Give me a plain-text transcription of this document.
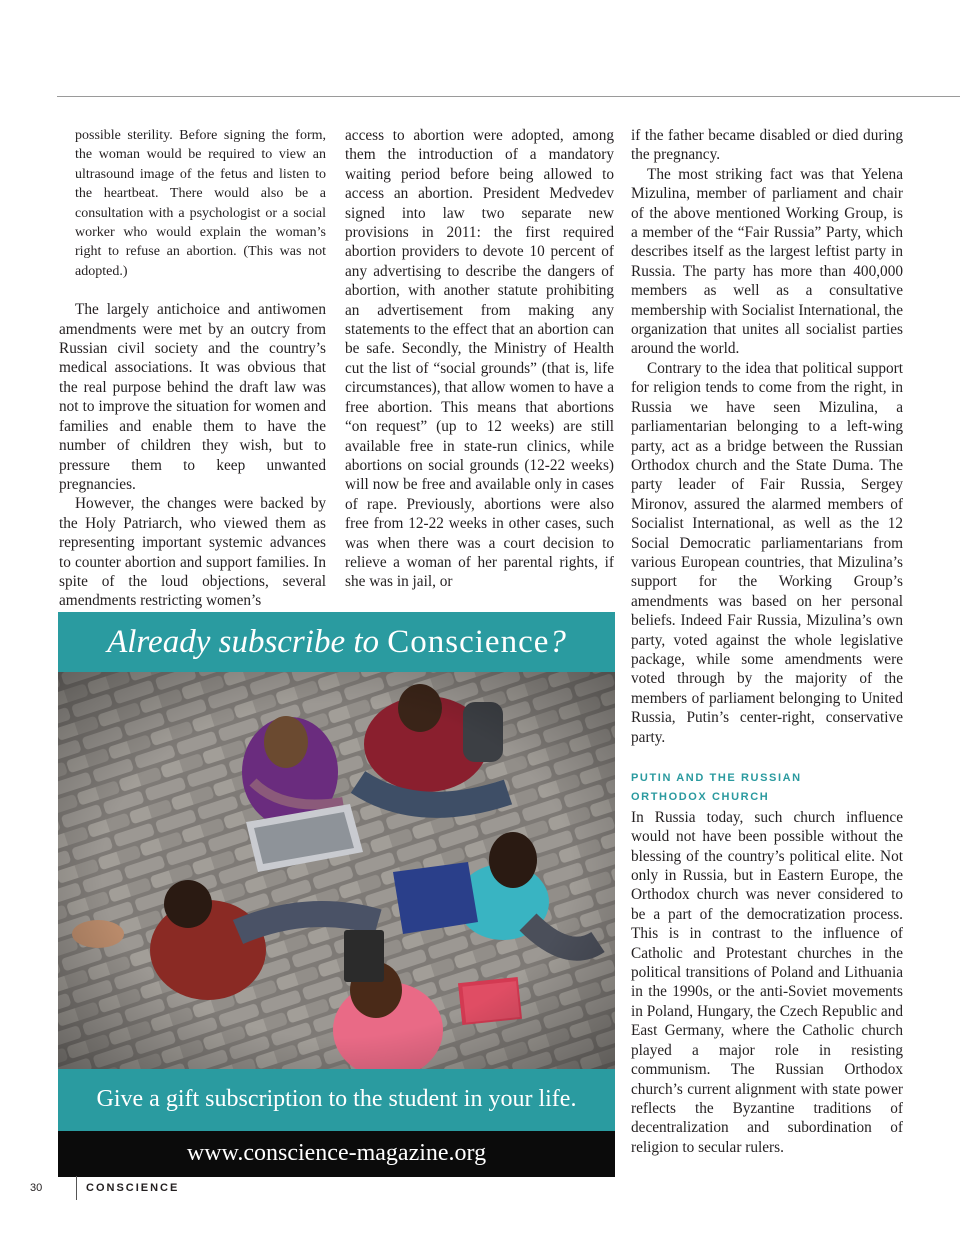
possible sterility. Before signing the form, the woman would be required to view an ultrasound image of the fetus and listen to the heartbeat. There would also be a consultation with a psychologist or a social worker who would explain the woman’s right to refuse an abortion. (This was not adopted.)

The largely antichoice and antiwomen amendments were met by an outcry from Russian civil society and the country’s medical associations. It was obvious that the real purpose behind the draft law was not to improve the situation for women and families and enable them to have the number of children they wish, but to pressure them to keep unwanted pregnancies.

However, the changes were backed by the Holy Patriarch, who viewed them as representing important systemic advances to counter abortion and support families. In spite of the loud objections, several amendments restricting women’s

access to abortion were adopted, among them the introduction of a mandatory waiting period before being allowed to access an abortion. President Medvedev signed into law two separate new provisions in 2011: the first required abortion providers to devote 10 percent of any advertising to describe the dangers of abortion, with another statute prohibiting an advertisement from making any statements to the effect that an abortion can be safe. Secondly, the Ministry of Health cut the list of “social grounds” (that is, life circumstances), that allow women to have a free abortion. This means that abortions “on request” (up to 12 weeks) are still available free in state-run clinics, while abortions on social grounds (12-22 weeks) will now be free and available only in cases of rape. Previously, abortions were also free from 12-22 weeks in other cases, such was when there was a court decision to relieve a woman of her parental rights, if she was in jail, or

if the father became disabled or died during the pregnancy.

The most striking fact was that Yelena Mizulina, member of parliament and chair of the above mentioned Working Group, is a member of the “Fair Russia” Party, which describes itself as the largest leftist party in Russia. The party has more than 400,000 members as well as a consultative membership with Socialist International, the organization that unites all socialist parties around the world.

Contrary to the idea that political support for religion tends to come from the right, in Russia we have seen Mizulina, a parliamentarian belonging to a left-wing party, act as a bridge between the Russian Orthodox church and the State Duma. The party leader of Fair Russia, Sergey Mironov, assured the alarmed members of Socialist International, as well as the 12 Social Democratic parliamentarians from various European countries, that Mizulina’s support for the Working Group’s amendments was based on her personal beliefs. Indeed Fair Russia, Mizulina’s own party, voted against the whole legislative package, while some amendments were voted through by the majority of the members of parliament belonging to United Russia, Putin’s center-right, conservative party.

PUTIN AND THE RUSSIAN
ORTHODOX CHURCH

In Russia today, such church influence would not have been possible without the blessing of the country’s political elite. Not only in Russia, but in Eastern Europe, the Orthodox church was never considered to be a part of the democratization process. This is in contrast to the influence of Catholic and Protestant churches in the political transitions of Poland and Lithuania in the 1990s, or the anti-Soviet movements in Poland, Hungary, the Czech Republic and East Germany, where the Catholic church played a major role in resisting communism. The Russian Orthodox church’s current alignment with state power reflects the Byzantine traditions of decentralization and subordination of religion to secular rulers.

Already subscribe to Conscience?
Give a gift subscription to the student in your life.
www.conscience-magazine.org
30	CONSCIENCE
